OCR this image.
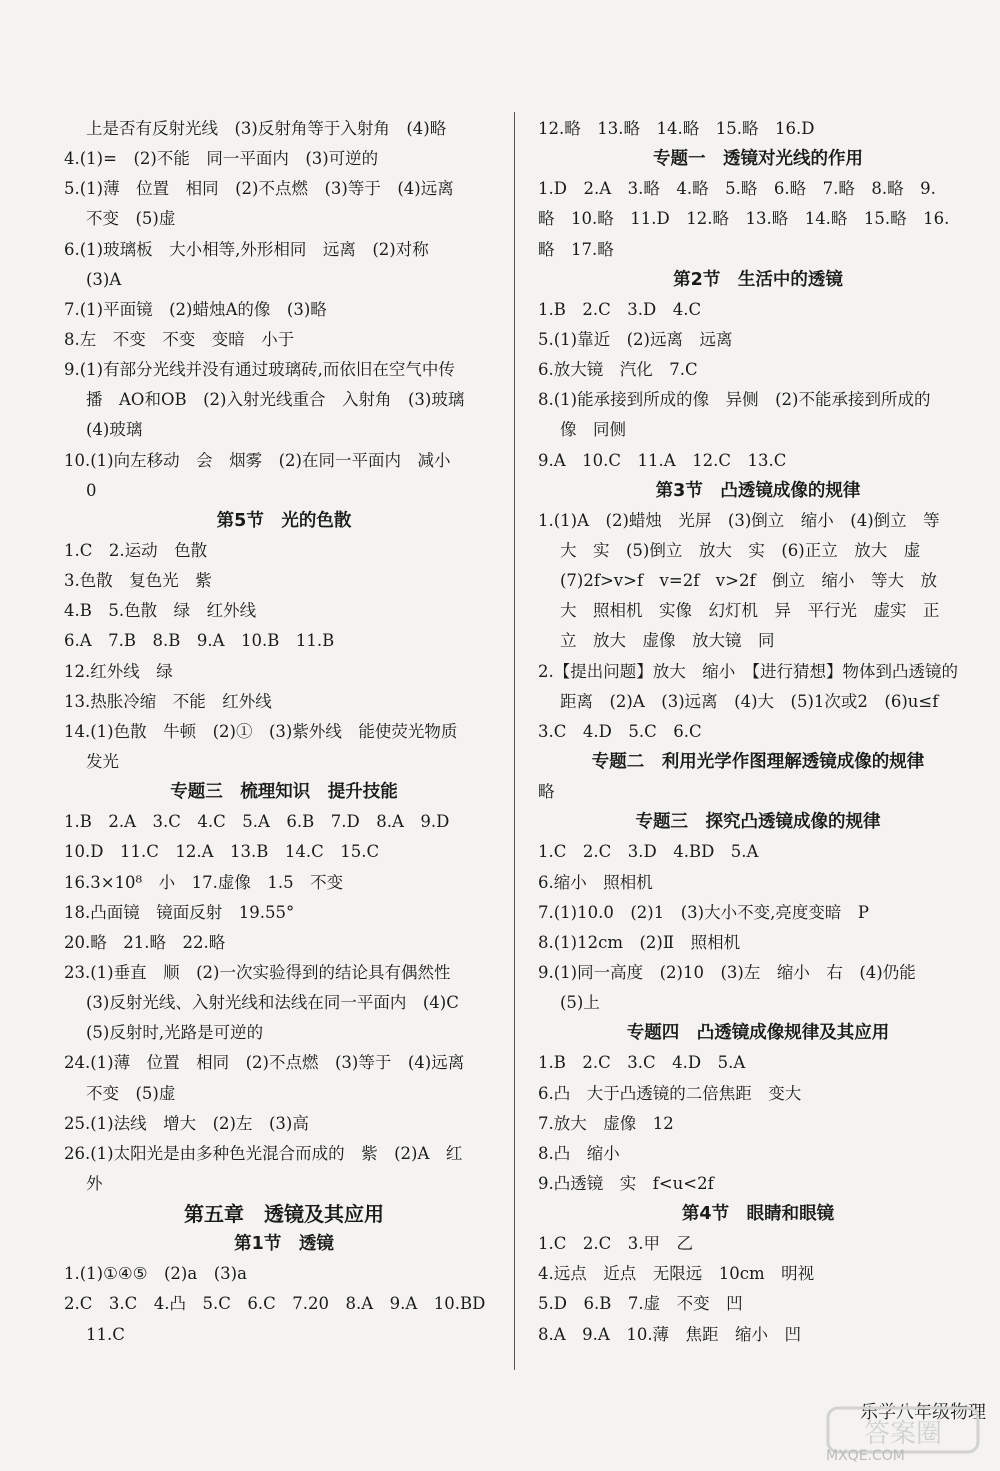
上是否有反射光线　(3)反射角等于入射角　(4)略
4.(1)=　(2)不能　同一平面内　(3)可逆的
5.(1)薄　位置　相同　(2)不点燃　(3)等于　(4)远离
不变　(5)虚
6.(1)玻璃板　大小相等,外形相同　远离　(2)对称
(3)A
7.(1)平面镜　(2)蜡烛A的像　(3)略
8.左　不变　不变　变暗　小于
9.(1)有部分光线并没有通过玻璃砖,而依旧在空气中传
播　AO和OB　(2)入射光线重合　入射角　(3)玻璃
(4)玻璃
10.(1)向左移动　会　烟雾　(2)在同一平面内　减小
0
第5节　光的色散
1.C　2.运动　色散
3.色散　复色光　紫
4.B　5.色散　绿　红外线
6.A　7.B　8.B　9.A　10.B　11.B
12.红外线　绿
13.热胀冷缩　不能　红外线
14.(1)色散　牛顿　(2)①　(3)紫外线　能使荧光物质
发光
专题三　梳理知识　提升技能
1.B　2.A　3.C　4.C　5.A　6.B　7.D　8.A　9.D
10.D　11.C　12.A　13.B　14.C　15.C
16.3×10⁸　小　17.虚像　1.5　不变
18.凸面镜　镜面反射　19.55°
20.略　21.略　22.略
23.(1)垂直　顺　(2)一次实验得到的结论具有偶然性
(3)反射光线、入射光线和法线在同一平面内　(4)C
(5)反射时,光路是可逆的
24.(1)薄　位置　相同　(2)不点燃　(3)等于　(4)远离
不变　(5)虚
25.(1)法线　增大　(2)左　(3)高
26.(1)太阳光是由多种色光混合而成的　紫　(2)A　红
外
第五章　透镜及其应用
第1节　透镜
1.(1)①④⑤　(2)a　(3)a
2.C　3.C　4.凸　5.C　6.C　7.20　8.A　9.A　10.BD
11.C
12.略　13.略　14.略　15.略　16.D
专题一　透镜对光线的作用
1.D　2.A　3.略　4.略　5.略　6.略　7.略　8.略　9.
略　10.略　11.D　12.略　13.略　14.略　15.略　16.
略　17.略
第2节　生活中的透镜
1.B　2.C　3.D　4.C
5.(1)靠近　(2)远离　远离
6.放大镜　汽化　7.C
8.(1)能承接到所成的像　异侧　(2)不能承接到所成的
像　同侧
9.A　10.C　11.A　12.C　13.C
第3节　凸透镜成像的规律
1.(1)A　(2)蜡烛　光屏　(3)倒立　缩小　(4)倒立　等
大　实　(5)倒立　放大　实　(6)正立　放大　虚
(7)2f>v>f　v=2f　v>2f　倒立　缩小　等大　放
大　照相机　实像　幻灯机　异　平行光　虚实　正
立　放大　虚像　放大镜　同
2.【提出问题】放大　缩小　【进行猜想】物体到凸透镜的
距离　(2)A　(3)远离　(4)大　(5)1次或2　(6)u≤f
3.C　4.D　5.C　6.C
专题二　利用光学作图理解透镜成像的规律
略
专题三　探究凸透镜成像的规律
1.C　2.C　3.D　4.BD　5.A
6.缩小　照相机
7.(1)10.0　(2)1　(3)大小不变,亮度变暗　P
8.(1)12cm　(2)Ⅱ　照相机
9.(1)同一高度　(2)10　(3)左　缩小　右　(4)仍能
(5)上
专题四　凸透镜成像规律及其应用
1.B　2.C　3.C　4.D　5.A
6.凸　大于凸透镜的二倍焦距　变大
7.放大　虚像　12
8.凸　缩小
9.凸透镜　实　f<u<2f
第4节　眼睛和眼镜
1.C　2.C　3.甲　乙
4.远点　近点　无限远　10cm　明视
5.D　6.B　7.虚　不变　凹
8.A　9.A　10.薄　焦距　缩小　凹
乐学八年级物理
答案圈
MXQE.COM
